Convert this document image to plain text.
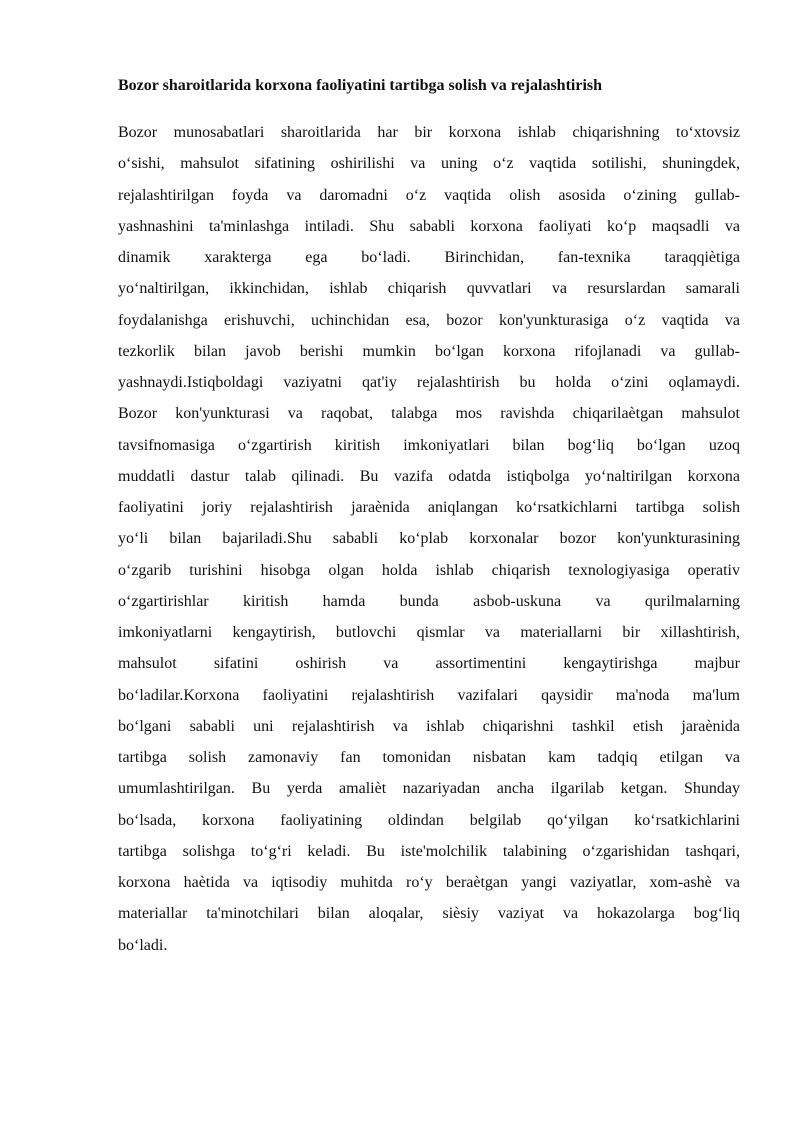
Bozor sharoitlarida korxona faoliyatini tartibga solish va rejalashtirish
Bozor munosabatlari sharoitlarida har bir korxona ishlab chiqarishning toʻxtovsiz
oʻsishi, mahsulot sifatining oshirilishi va uning oʻz vaqtida sotilishi, shuningdek,
rejalashtirilgan foyda va daromadni oʻz vaqtida olish asosida oʻzining gullab-
yashnashini ta'minlashga intiladi. Shu sababli korxona faoliyati koʻp maqsadli va
dinamik xarakterga ega boʻladi. Birinchidan, fan-texnika taraqqiètiga
yoʻnaltirilgan, ikkinchidan, ishlab chiqarish quvvatlari va resurslardan samarali
foydalanishga erishuvchi, uchinchidan esa, bozor kon'yunkturasiga oʻz vaqtida va
tezkorlik bilan javob berishi mumkin boʻlgan korxona rifojlanadi va gullab-
yashnaydi.Istiqboldagi vaziyatni qat'iy rejalashtirish bu holda oʻzini oqlamaydi.
Bozor kon'yunkturasi va raqobat, talabga mos ravishda chiqarilaètgan mahsulot
tavsifnomasiga oʻzgartirish kiritish imkoniyatlari bilan bogʻliq boʻlgan uzoq
muddatli dastur talab qilinadi. Bu vazifa odatda istiqbolga yoʻnaltirilgan korxona
faoliyatini joriy rejalashtirish jaraènida aniqlangan koʻrsatkichlarni tartibga solish
yoʻli bilan bajariladi.Shu sababli koʻplab korxonalar bozor kon'yunkturasining
oʻzgarib turishini hisobga olgan holda ishlab chiqarish texnologiyasiga operativ
oʻzgartirishlar kiritish hamda bunda asbob-uskuna va qurilmalarning
imkoniyatlarni kengaytirish, butlovchi qismlar va materiallarni bir xillashtirish,
mahsulot sifatini oshirish va assortimentini kengaytirishga majbur
boʻladilar.Korxona faoliyatini rejalashtirish vazifalari qaysidir ma'noda ma'lum
boʻlgani sababli uni rejalashtirish va ishlab chiqarishni tashkil etish jaraènida
tartibga solish zamonaviy fan tomonidan nisbatan kam tadqiq etilgan va
umumlashtirilgan. Bu yerda amalièt nazariyadan ancha ilgarilab ketgan. Shunday
boʻlsada, korxona faoliyatining oldindan belgilab qoʻyilgan koʻrsatkichlarini
tartibga solishga toʻgʻri keladi. Bu iste'molchilik talabining oʻzgarishidan tashqari,
korxona haètida va iqtisodiy muhitda roʻy beraètgan yangi vaziyatlar, xom-ashè va
materiallar ta'minotchilari bilan aloqalar, sièsiy vaziyat va hokazolarga bogʻliq
boʻladi.
